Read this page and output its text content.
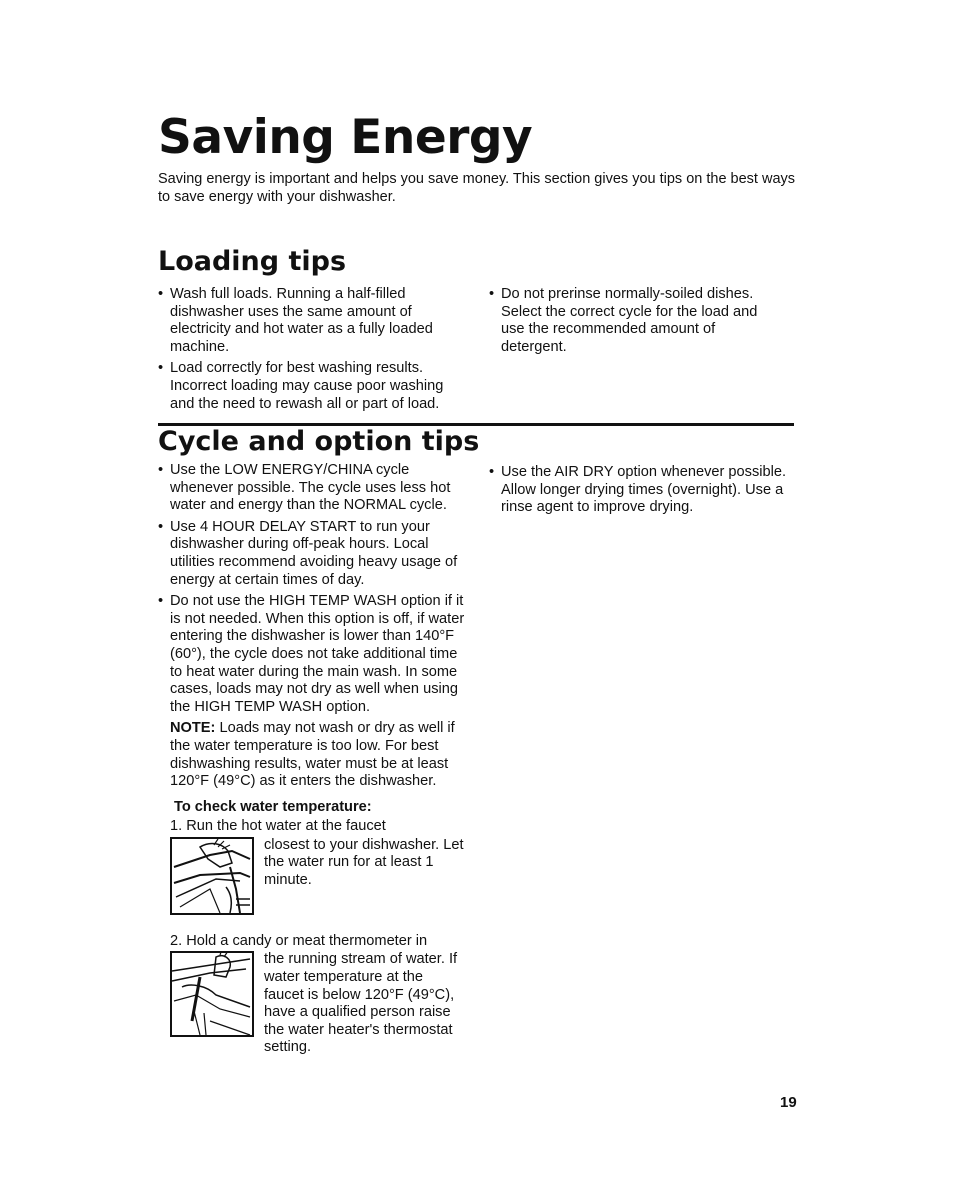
Saving Energy

Saving energy is important and helps you save money. This section gives you tips on the best ways to save energy with your dishwasher.

Loading tips
• Wash full loads. Running a half-filled dishwasher uses the same amount of electricity and hot water as a fully loaded machine.
• Load correctly for best washing results. Incorrect loading may cause poor washing and the need to rewash all or part of load.
• Do not prerinse normally-soiled dishes. Select the correct cycle for the load and use the recommended amount of detergent.
Cycle and option tips
• Use the LOW ENERGY/CHINA cycle whenever possible. The cycle uses less hot water and energy than the NORMAL cycle.
• Use 4 HOUR DELAY START to run your dishwasher during off-peak hours. Local utilities recommend avoiding heavy usage of energy at certain times of day.
• Do not use the HIGH TEMP WASH option if it is not needed. When this option is off, if water entering the dishwasher is lower than 140°F (60°), the cycle does not take additional time to heat water during the main wash. In some cases, loads may not dry as well when using the HIGH TEMP WASH option.

NOTE: Loads may not wash or dry as well if the water temperature is too low. For best dishwashing results, water must be at least 120°F (49°C) as it enters the dishwasher.

To check water temperature:
1. Run the hot water at the faucet
closest to your dishwasher. Let the water run for at least 1 minute.
2. Hold a candy or meat thermometer in
the running stream of water. If water temperature at the faucet is below 120°F (49°C), have a qualified person raise the water heater's thermostat setting.
• Use the AIR DRY option whenever possible. Allow longer drying times (overnight). Use a rinse agent to improve drying.
19
